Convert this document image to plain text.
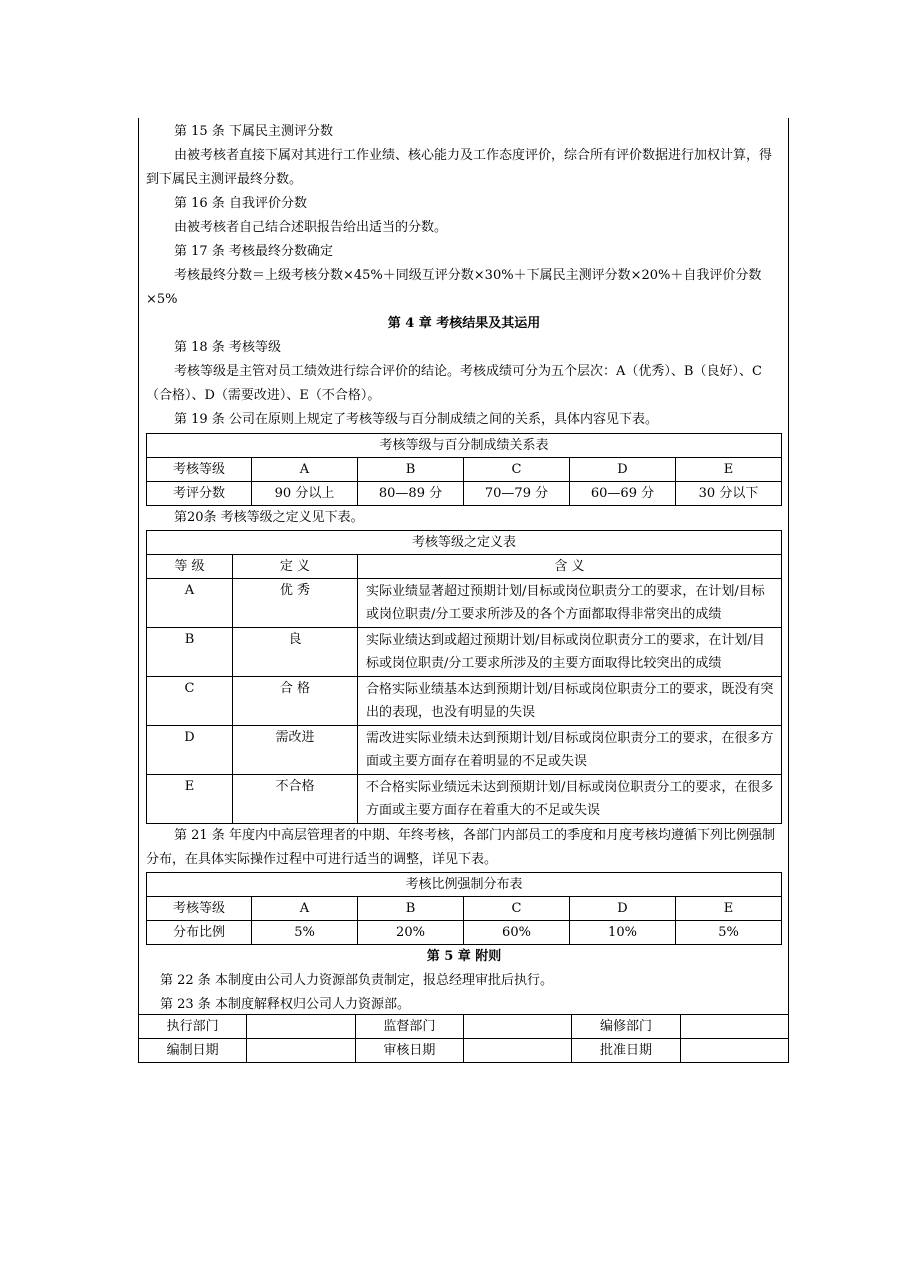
第 15 条 下属民主测评分数

由被考核者直接下属对其进行工作业绩、核心能力及工作态度评价，综合所有评价数据进行加权计算，得到下属民主测评最终分数。

第 16 条 自我评价分数

由被考核者自己结合述职报告给出适当的分数。

第 17 条 考核最终分数确定

考核最终分数＝上级考核分数×45%＋同级互评分数×30%＋下属民主测评分数×20%＋自我评价分数×5%

第 4 章 考核结果及其运用

第 18 条 考核等级

考核等级是主管对员工绩效进行综合评价的结论。考核成绩可分为五个层次：A（优秀）、B（良好）、C（合格）、D（需要改进）、E（不合格）。

第 19 条 公司在原则上规定了考核等级与百分制成绩之间的关系，具体内容见下表。

考核等级与百分制成绩关系表					
考核等级	A	B	C	D	E
考评分数	90 分以上	80—89 分	70—79 分	60—69 分	30 分以下

第20条 考核等级之定义见下表。

考核等级之定义表		
等 级	定 义	含 义
A	优 秀	实际业绩显著超过预期计划/目标或岗位职责分工的要求，在计划/目标或岗位职责/分工要求所涉及的各个方面都取得非常突出的成绩
B	良	实际业绩达到或超过预期计划/目标或岗位职责分工的要求，在计划/目标或岗位职责/分工要求所涉及的主要方面取得比较突出的成绩
C	合 格	合格实际业绩基本达到预期计划/目标或岗位职责分工的要求，既没有突出的表现，也没有明显的失误
D	需改进	需改进实际业绩未达到预期计划/目标或岗位职责分工的要求，在很多方面或主要方面存在着明显的不足或失误
E	不合格	不合格实际业绩远未达到预期计划/目标或岗位职责分工的要求，在很多方面或主要方面存在着重大的不足或失误

第 21 条 年度内中高层管理者的中期、年终考核，各部门内部员工的季度和月度考核均遵循下列比例强制分布，在具体实际操作过程中可进行适当的调整，详见下表。

考核比例强制分布表					
考核等级	A	B	C	D	E
分布比例	5%	20%	60%	10%	5%

第 5 章 附则

第 22 条 本制度由公司人力资源部负责制定，报总经理审批后执行。

第 23 条 本制度解释权归公司人力资源部。

执行部门		监督部门		编修部门	
编制日期		审核日期		批准日期	
